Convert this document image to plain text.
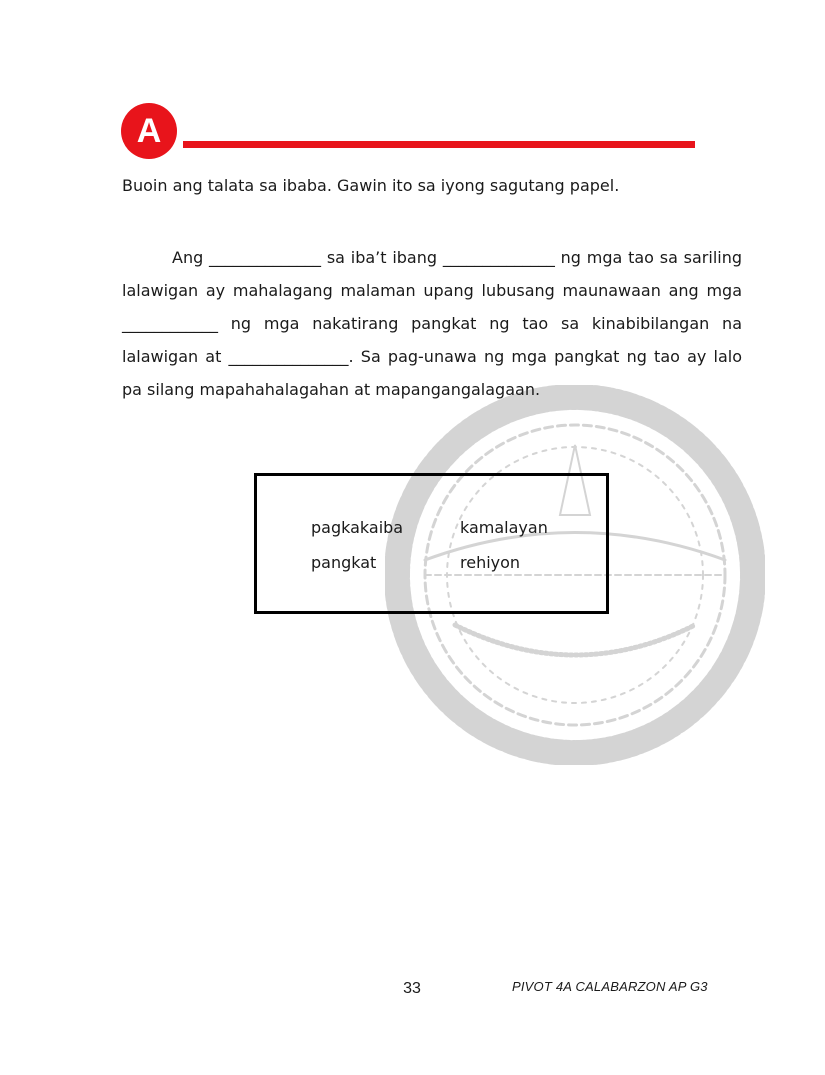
A
Buoin ang talata sa ibaba. Gawin ito sa iyong sagutang papel.
Ang ______________ sa iba’t ibang ______________ ng mga tao sa sariling lalawigan ay mahalagang malaman upang lubusang maunawaan ang mga ____________ ng mga nakatirang pangkat ng tao sa kinabibilangan na lalawigan at _______________. Sa pag-unawa ng mga pangkat ng tao ay lalo pa silang mapahahalagahan at mapangangalagaan.
pagkakaiba	kamalayan
pangkat	rehiyon
33	PIVOT 4A CALABARZON AP G3
